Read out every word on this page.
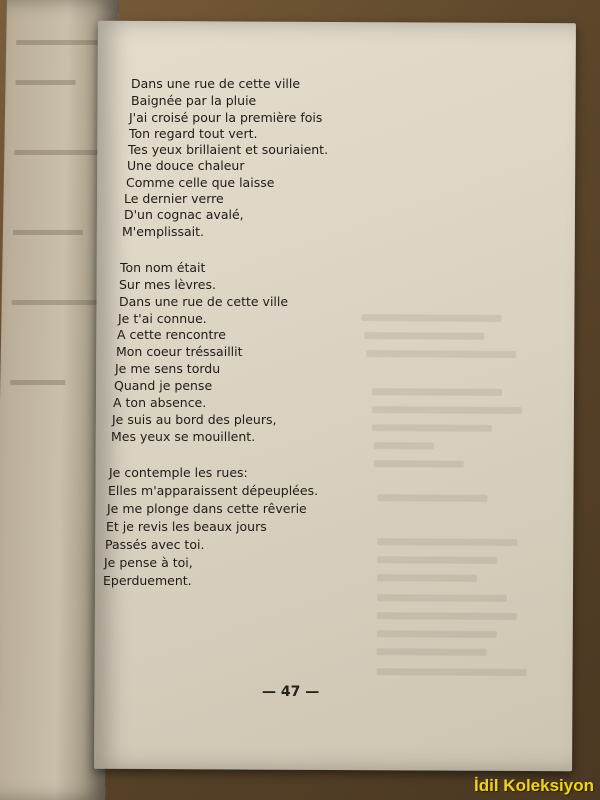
Dans une rue de cette ville
Baignée par la pluie
J'ai croisé pour la première fois
Ton regard tout vert.
Tes yeux brillaient et souriaient.
Une douce chaleur
Comme celle que laisse
Le dernier verre
D'un cognac avalé,
M'emplissait.
Ton nom était
Sur mes lèvres.
Dans une rue de cette ville
Je t'ai connue.
A cette rencontre
Mon coeur tréssaillit
Je me sens tordu
Quand je pense
A ton absence.
Je suis au bord des pleurs,
Mes yeux se mouillent.
Je contemple les rues:
Elles m'apparaissent dépeuplées.
Je me plonge dans cette rêverie
Et je revis les beaux jours
Passés avec toi.
Je pense à toi,
Eperduement.
— 47 —
İdil Koleksiyon
